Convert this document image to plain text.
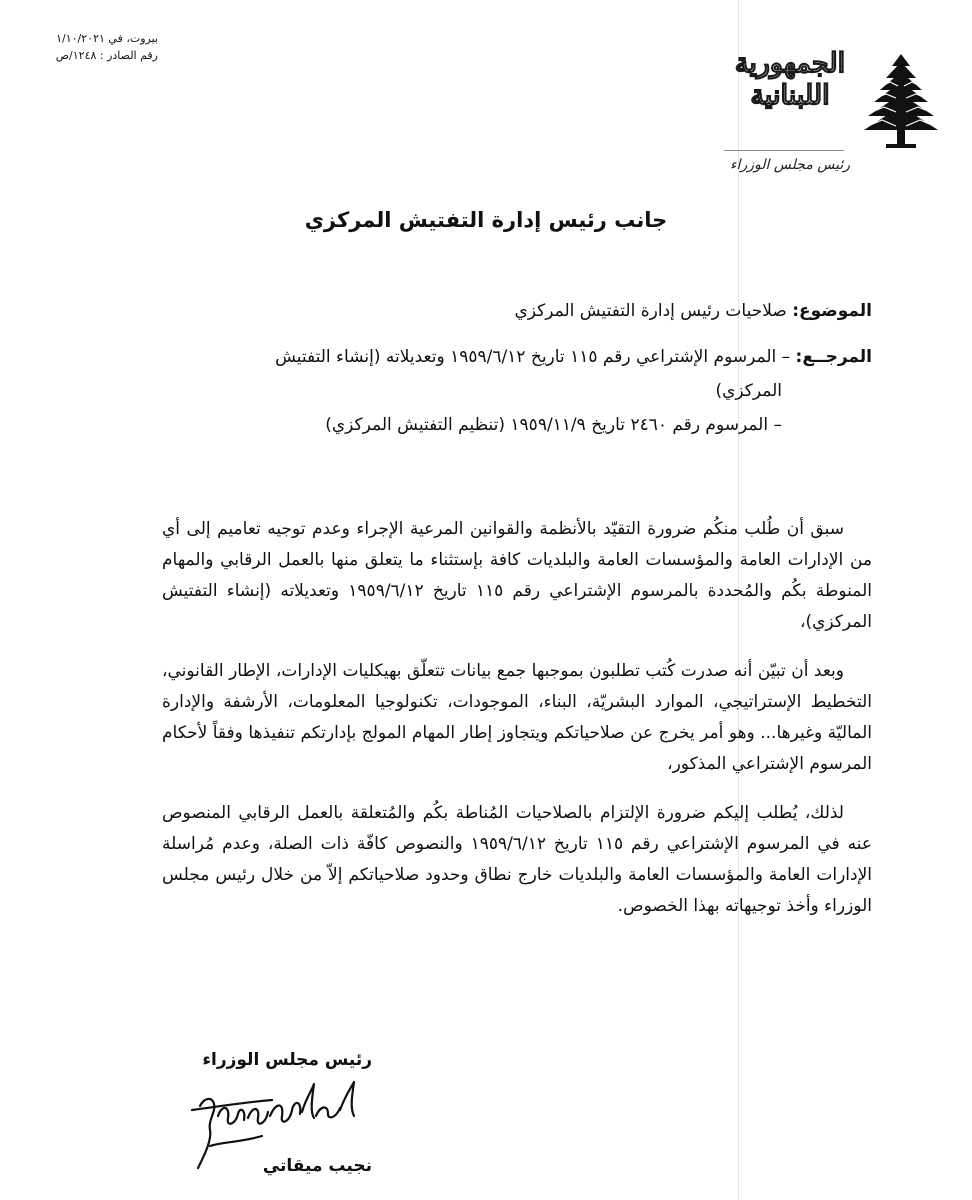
بيروت، في ١/١٠/٢٠٢١
رقم الصادر : ١٢٤٨/ص	الجمهورية
اللبنانية
رئيس مجلس الوزراء
جانب رئيس إدارة التفتيش المركزي
الموضوع: صلاحيات رئيس إدارة التفتيش المركزي
المرجــع: – المرسوم الإشتراعي رقم ١١٥ تاريخ ١٩٥٩/٦/١٢ وتعديلاته (إنشاء التفتيش
المركزي)
– المرسوم رقم ٢٤٦٠ تاريخ ١٩٥٩/١١/٩ (تنظيم التفتيش المركزي)

سبق أن طُلب منكُم ضرورة التقيّد بالأنظمة والقوانين المرعية الإجراء وعدم توجيه تعاميم إلى أي من الإدارات العامة والمؤسسات العامة والبلديات كافة بإستثناء ما يتعلق منها بالعمل الرقابي والمهام المنوطة بكُم والمُحددة بالمرسوم الإشتراعي رقم ١١٥ تاريخ ١٩٥٩/٦/١٢ وتعديلاته (إنشاء التفتيش المركزي)،

وبعد أن تبيّن أنه صدرت كُتب تطلبون بموجبها جمع بيانات تتعلّق بهيكليات الإدارات، الإطار القانوني، التخطيط الإستراتيجي، الموارد البشريّة، البناء، الموجودات، تكنولوجيا المعلومات، الأرشفة والإدارة الماليّة وغيرها... وهو أمر يخرج عن صلاحياتكم ويتجاوز إطار المهام المولج بإدارتكم تنفيذها وفقاً لأحكام المرسوم الإشتراعي المذكور،

لذلك، يُطلب إليكم ضرورة الإلتزام بالصلاحيات المُناطة بكُم والمُتعلقة بالعمل الرقابي المنصوص عنه في المرسوم الإشتراعي رقم ١١٥ تاريخ ١٩٥٩/٦/١٢ والنصوص كافّة ذات الصلة، وعدم مُراسلة الإدارات العامة والمؤسسات العامة والبلديات خارج نطاق وحدود صلاحياتكم إلاّ من خلال رئيس مجلس الوزراء وأخذ توجيهاته بهذا الخصوص.

رئيس مجلس الوزراء
نجيب ميقاتي
